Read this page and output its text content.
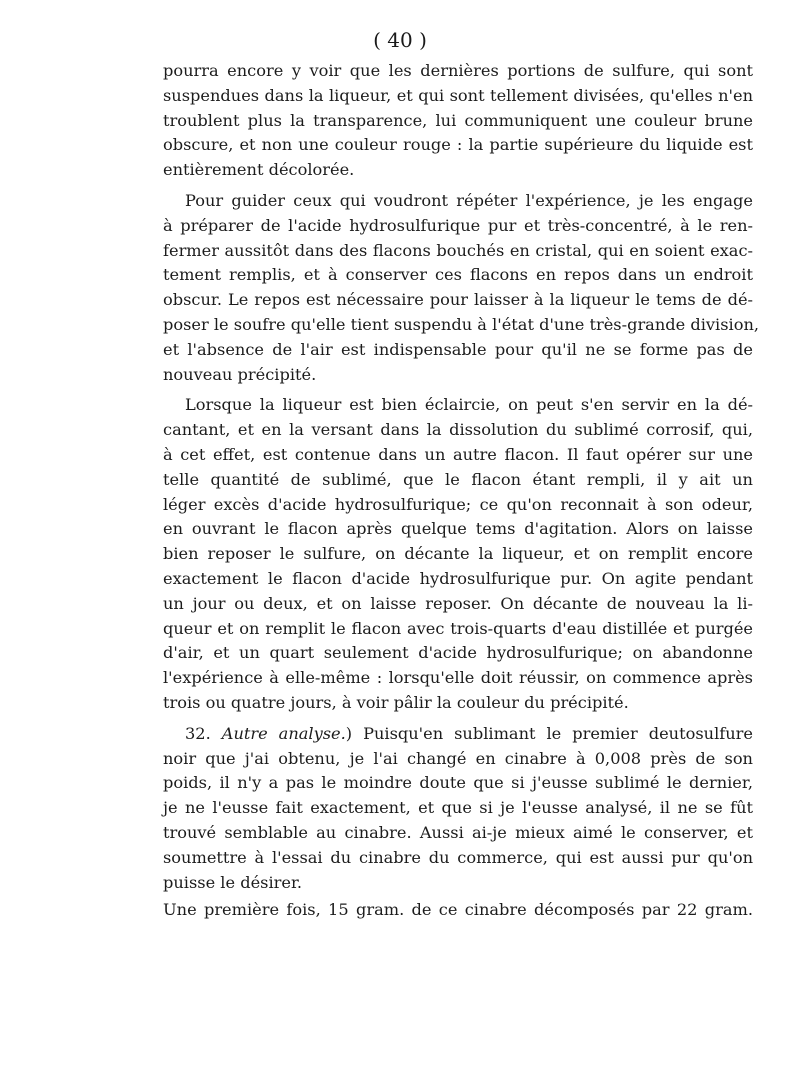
( 40 )

pourra encore y voir que les dernières portions de sulfure, qui sont

suspendues dans la liqueur, et qui sont tellement divisées, qu'elles n'en

troublent plus la transparence, lui communiquent une couleur brune

obscure, et non une couleur rouge : la partie supérieure du liquide est

entièrement décolorée.

Pour guider ceux qui voudront répéter l'expérience, je les engage

à préparer de l'acide hydrosulfurique pur et très-concentré, à le ren-

fermer aussitôt dans des flacons bouchés en cristal, qui en soient exac-

tement remplis, et à conserver ces flacons en repos dans un endroit

obscur. Le repos est nécessaire pour laisser à la liqueur le tems de dé-

poser le soufre qu'elle tient suspendu à l'état d'une très-grande division,

et l'absence de l'air est indispensable pour qu'il ne se forme pas de

nouveau précipité.

Lorsque la liqueur est bien éclaircie, on peut s'en servir en la dé-

cantant, et en la versant dans la dissolution du sublimé corrosif, qui,

à cet effet, est contenue dans un autre flacon. Il faut opérer sur une

telle quantité de sublimé, que le flacon étant rempli, il y ait un

léger excès d'acide hydrosulfurique; ce qu'on reconnait à son odeur,

en ouvrant le flacon après quelque tems d'agitation. Alors on laisse

bien reposer le sulfure, on décante la liqueur, et on remplit encore

exactement le flacon d'acide hydrosulfurique pur. On agite pendant

un jour ou deux, et on laisse reposer. On décante de nouveau la li-

queur et on remplit le flacon avec trois-quarts d'eau distillée et purgée

d'air, et un quart seulement d'acide hydrosulfurique; on abandonne

l'expérience à elle-même : lorsqu'elle doit réussir, on commence après

trois ou quatre jours, à voir pâlir la couleur du précipité.

32. Autre analyse.) Puisqu'en sublimant le premier deutosulfure

noir que j'ai obtenu, je l'ai changé en cinabre à 0,008 près de son

poids, il n'y a pas le moindre doute que si j'eusse sublimé le dernier,

je ne l'eusse fait exactement, et que si je l'eusse analysé, il ne se fût

trouvé semblable au cinabre. Aussi ai-je mieux aimé le conserver, et

soumettre à l'essai du cinabre du commerce, qui est aussi pur qu'on

puisse le désirer.

Une première fois, 15 gram. de ce cinabre décomposés par 22 gram.
